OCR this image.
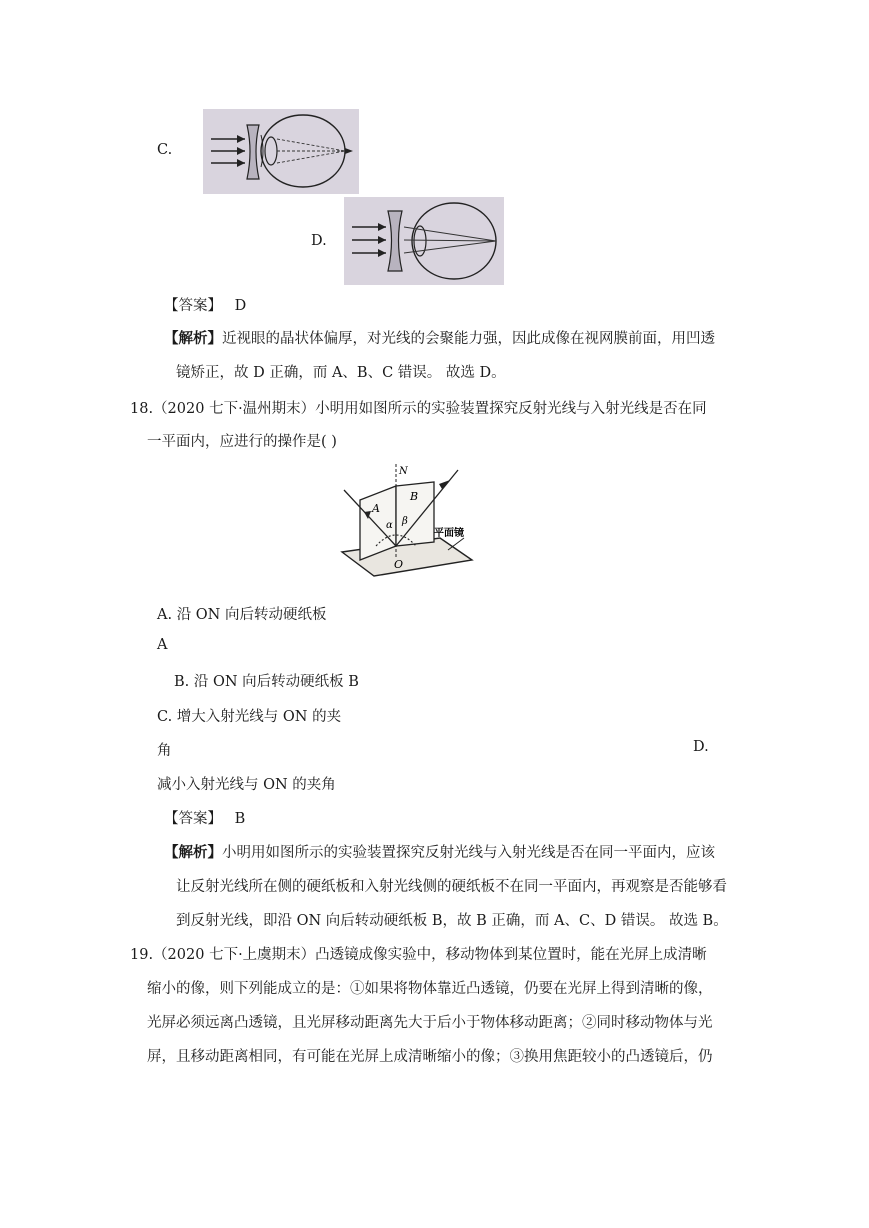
C.
D.
【答案】 D
【解析】近视眼的晶状体偏厚，对光线的会聚能力强，因此成像在视网膜前面，用凹透
镜矫正，故 D 正确，而 A、B、C 错误。 故选 D。
18.（2020 七下·温州期末）小明用如图所示的实验装置探究反射光线与入射光线是否在同
一平面内，应进行的操作是( )
N
A
B
α β
O
平面镜
A. 沿 ON 向后转动硬纸板
A
B. 沿 ON 向后转动硬纸板 B
C. 增大入射光线与 ON 的夹
角	D.
减小入射光线与 ON 的夹角
【答案】 B
【解析】小明用如图所示的实验装置探究反射光线与入射光线是否在同一平面内，应该
让反射光线所在侧的硬纸板和入射光线侧的硬纸板不在同一平面内，再观察是否能够看
到反射光线，即沿 ON 向后转动硬纸板 B，故 B 正确，而 A、C、D 错误。 故选 B。
19.（2020 七下·上虞期末）凸透镜成像实验中，移动物体到某位置时，能在光屏上成清晰
缩小的像，则下列能成立的是：①如果将物体靠近凸透镜，仍要在光屏上得到清晰的像，
光屏必须远离凸透镜，且光屏移动距离先大于后小于物体移动距离；②同时移动物体与光
屏，且移动距离相同，有可能在光屏上成清晰缩小的像；③换用焦距较小的凸透镜后，仍
